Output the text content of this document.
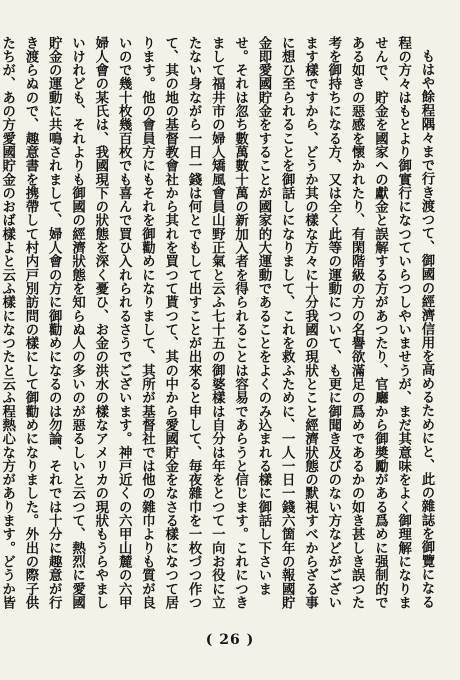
もはや餘程隅々まで行き渡つて、御國の經濟信用を高めるためにと、此の雜誌を御覽になる程の方々はもとより御實行になつていらつしやいませうが、まだ其意味をよく御理解になりませんで、貯金を國家への獻金と誤解する方があつたり、官廳から御奬勵がある爲めに强制的である如きの惡感を懷かれたり、有閑階級の方の名譽欲滿足の爲めであるかの如き甚しき誤つた考を御持ちになる方、又は全く此等の運動について、も更に御聞き及びのない方などがございます樣ですから、どうか其の樣な方々に十分我國の現狀とこと經濟狀態の默視すべからざる事に想ひ至られることを御話しになりまして、これを救ふために、一人一日一錢六箇年の報國貯金即愛國貯金をすることが國家的大運動であることをよくのみ込まれる樣に御話し下さいませ。それは忽ち數萬數十萬の新加入者を得られることは容易であらうと信じます。これにつきまして福井市の婦人矯風會員山野正氣と云ふ七十五の御婆樣は自分は年をとつて一向お役に立たない身ながら一日一錢は何とでもして出すことが出來ると申して、毎夜雜巾を一枚づつ作つて、其の地の基督教會社から其れを買つて貰つて、其の中から愛國貯金をなさる樣になつて居ります。他の會員方にもそれを御勸めになりまして、其所が基督社では他の雜巾よりも質が良いので幾十枚幾百枚でも喜んで買ひ入れられるさうでございます。神戸近くの六甲山麓の六甲婦人會の某氏は、我國現下の狀態を深く憂ひ、お金の洪水の樣なアメリカの現狀もうらやましいけれども、それよりも御國の經濟狀態を知らぬ人の多いのが惡るしいと云つて、熱烈に愛國貯金の運動に共鳴されまして、婦人會の方に御勸めになるのは勿論、それでは十分に趣意が行き渡らぬので、趣意書を携帶して村内戸別訪問の樣にして御勸めになりました。外出の際子供たちが、あの方愛國貯金のおば樣よと云ふ樣になつたと云ふ程熱心な方があります。どうか皆

( 26 )
